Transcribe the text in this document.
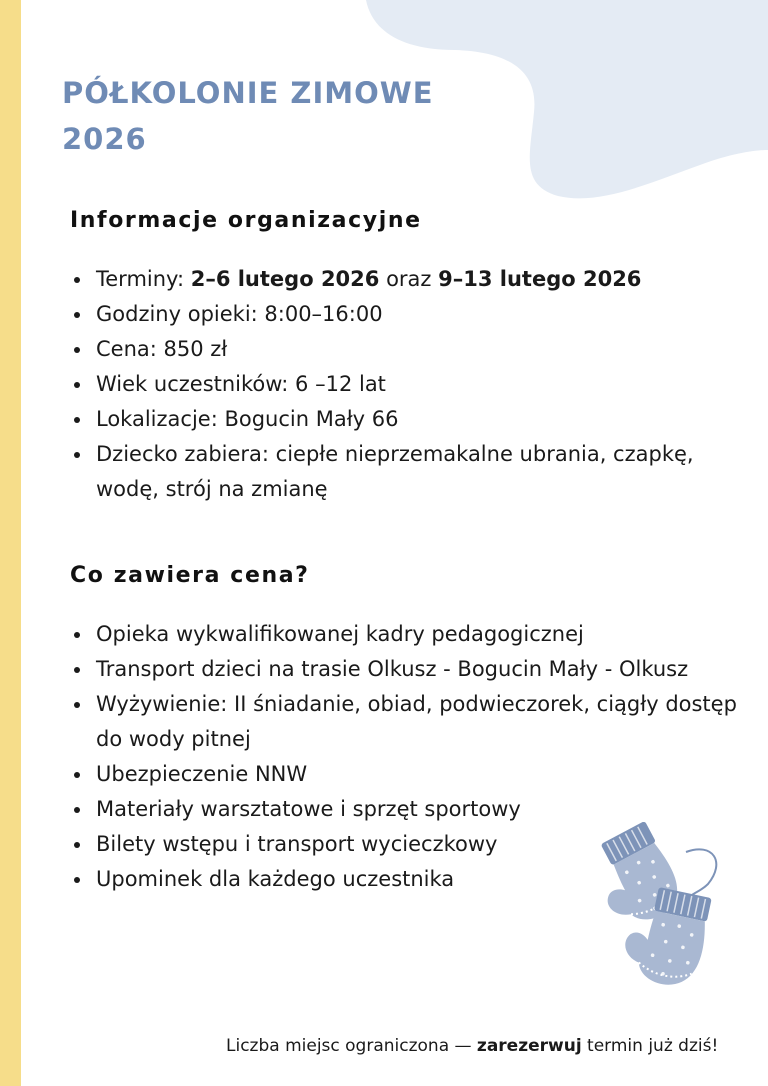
PÓŁKOLONIE ZIMOWE 2026
Informacje organizacyjne
Terminy: 2–6 lutego 2026 oraz 9–13 lutego 2026
Godziny opieki: 8:00–16:00
Cena: 850 zł
Wiek uczestników: 6 –12 lat
Lokalizacje: Bogucin Mały 66
Dziecko zabiera: ciepłe nieprzemakalne ubrania, czapkę, wodę, strój na zmianę
Co zawiera cena?
Opieka wykwalifikowanej kadry pedagogicznej
Transport dzieci na trasie Olkusz - Bogucin Mały - Olkusz
Wyżywienie: II śniadanie, obiad, podwieczorek, ciągły dostęp do wody pitnej
Ubezpieczenie NNW
Materiały warsztatowe i sprzęt sportowy
Bilety wstępu i transport wycieczkowy
Upominek dla każdego uczestnika

Liczba miejsc ograniczona — zarezerwuj termin już dziś!
